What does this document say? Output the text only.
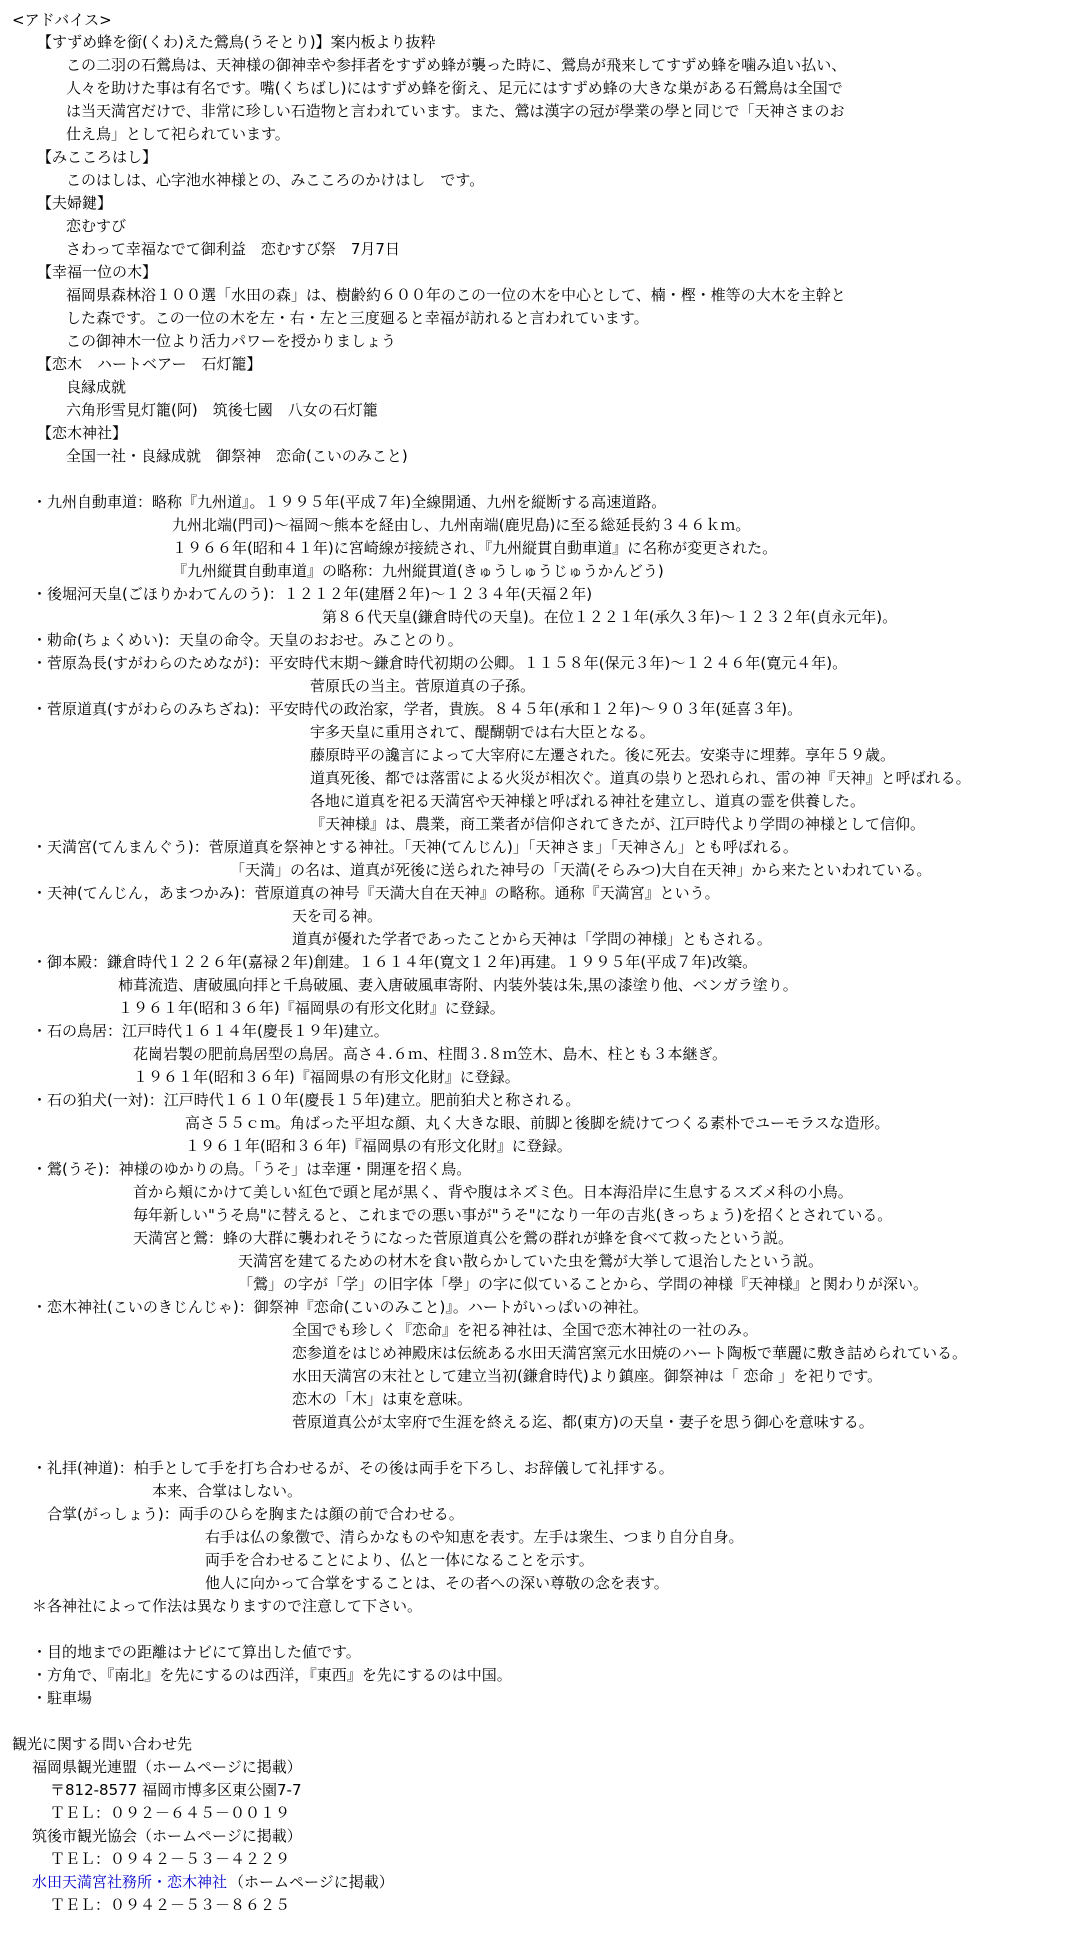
<アドバイス>
【すずめ蜂を銜(くわ)えた鶯鳥(うそとり)】案内板より抜粋
この二羽の石鶯鳥は、天神様の御神幸や参拝者をすずめ蜂が襲った時に、鶯鳥が飛来してすずめ蜂を噛み追い払い、
人々を助けた事は有名です。嘴(くちばし)にはすずめ蜂を銜え、足元にはすずめ蜂の大きな巣がある石鶯鳥は全国で
は当天満宮だけで、非常に珍しい石造物と言われています。また、鶯は漢字の冠が學業の學と同じで「天神さまのお
仕え鳥」として祀られています。
【みこころはし】
このはしは、心字池水神様との、みこころのかけはし　です。
【夫婦鍵】
恋むすび
さわって幸福なでて御利益　恋むすび祭　7月7日
【幸福一位の木】
福岡県森林浴１００選「水田の森」は、樹齢約６００年のこの一位の木を中心として、楠・樫・椎等の大木を主幹と
した森です。この一位の木を左・右・左と三度廻ると幸福が訪れると言われています。
この御神木一位より活力パワーを授かりましょう
【恋木　ハートベアー　石灯籠】
良縁成就
六角形雪見灯籠(阿)　筑後七國　八女の石灯籠
【恋木神社】
全国一社・良縁成就　御祭神　恋命(こいのみこと)
・九州自動車道：略称『九州道』。１９９５年(平成７年)全線開通、九州を縦断する高速道路。
九州北端(門司)～福岡～熊本を経由し、九州南端(鹿児島)に至る総延長約３４６ｋｍ。
１９６６年(昭和４１年)に宮崎線が接続され、『九州縦貫自動車道』に名称が変更された。
『九州縦貫自動車道』の略称：九州縦貫道(きゅうしゅうじゅうかんどう)
・後堀河天皇(ごほりかわてんのう)：１２１２年(建暦２年)～１２３４年(天福２年)
第８６代天皇(鎌倉時代の天皇)。在位１２２１年(承久３年)～１２３２年(貞永元年)。
・勅命(ちょくめい)：天皇の命令。天皇のおおせ。みことのり。
・菅原為長(すがわらのためなが)：平安時代末期～鎌倉時代初期の公卿。１１５８年(保元３年)～１２４６年(寛元４年)。
菅原氏の当主。菅原道真の子孫。
・菅原道真(すがわらのみちざね)：平安時代の政治家，学者，貴族。８４５年(承和１２年)～９０３年(延喜３年)。
宇多天皇に重用されて、醍醐朝では右大臣となる。
藤原時平の讒言によって大宰府に左遷された。後に死去。安楽寺に埋葬。享年５９歳。
道真死後、都では落雷による火災が相次ぐ。道真の祟りと恐れられ、雷の神『天神』と呼ばれる。
各地に道真を祀る天満宮や天神様と呼ばれる神社を建立し、道真の霊を供養した。
『天神様』は、農業，商工業者が信仰されてきたが、江戸時代より学問の神様として信仰。
・天満宮(てんまんぐう)：菅原道真を祭神とする神社。「天神(てんじん)」「天神さま」「天神さん」とも呼ばれる。
「天満」の名は、道真が死後に送られた神号の「天満(そらみつ)大自在天神」から来たといわれている。
・天神(てんじん，あまつかみ)：菅原道真の神号『天満大自在天神』の略称。通称『天満宮』という。
天を司る神。
道真が優れた学者であったことから天神は「学問の神様」ともされる。
・御本殿：鎌倉時代１２２６年(嘉禄２年)創建。１６１４年(寛文１２年)再建。１９９５年(平成７年)改築。
柿葺流造、唐破風向拝と千鳥破風、妻入唐破風車寄附、内装外装は朱,黒の漆塗り他、ベンガラ塗り。
１９６１年(昭和３６年)『福岡県の有形文化財』に登録。
・石の鳥居：江戸時代１６１４年(慶長１９年)建立。
花崗岩製の肥前鳥居型の鳥居。高さ４.６ｍ、柱間３.８ｍ笠木、島木、柱とも３本継ぎ。
１９６１年(昭和３６年)『福岡県の有形文化財』に登録。
・石の狛犬(一対)：江戸時代１６１０年(慶長１５年)建立。肥前狛犬と称される。
高さ５５ｃｍ。角ばった平坦な顔、丸く大きな眼、前脚と後脚を続けてつくる素朴でユーモラスな造形。
１９６１年(昭和３６年)『福岡県の有形文化財』に登録。
・鶯(うそ)：神様のゆかりの鳥。「うそ」は幸運・開運を招く鳥。
首から頬にかけて美しい紅色で頭と尾が黒く、背や腹はネズミ色。日本海沿岸に生息するスズメ科の小鳥。
毎年新しい"うそ鳥"に替えると、これまでの悪い事が"うそ"になり一年の吉兆(きっちょう)を招くとされている。
天満宮と鶯：蜂の大群に襲われそうになった菅原道真公を鶯の群れが蜂を食べて救ったという説。
天満宮を建てるための材木を食い散らかしていた虫を鶯が大挙して退治したという説。
「鶯」の字が「学」の旧字体「學」の字に似ていることから、学問の神様『天神様』と関わりが深い。
・恋木神社(こいのきじんじゃ)：御祭神『恋命(こいのみこと)』。ハートがいっぱいの神社。
全国でも珍しく『恋命』を祀る神社は、全国で恋木神社の一社のみ。
恋参道をはじめ神殿床は伝統ある水田天満宮窯元水田焼のハート陶板で華麗に敷き詰められている。
水田天満宮の末社として建立当初(鎌倉時代)より鎮座。御祭神は「 恋命 」を祀りです。
恋木の「木」は東を意味。
菅原道真公が太宰府で生涯を終える迄、都(東方)の天皇・妻子を思う御心を意味する。
・礼拝(神道)：柏手として手を打ち合わせるが、その後は両手を下ろし、お辞儀して礼拝する。
本来、合掌はしない。
合掌(がっしょう)：両手のひらを胸または顔の前で合わせる。
右手は仏の象徴で、清らかなものや知恵を表す。左手は衆生、つまり自分自身。
両手を合わせることにより、仏と一体になることを示す。
他人に向かって合掌をすることは、その者への深い尊敬の念を表す。
＊各神社によって作法は異なりますので注意して下さい。
・目的地までの距離はナビにて算出した値です。
・方角で、『南北』を先にするのは西洋，『東西』を先にするのは中国。
・駐車場
観光に関する問い合わせ先
福岡県観光連盟（ホームページに掲載）
〒812-8577 福岡市博多区東公園7-7
ＴＥＬ：０９２－６４５－００１９
筑後市観光協会（ホームページに掲載）
ＴＥＬ：０９４２－５３－４２２９
水田天満宮社務所・恋木神社 （ホームページに掲載）
ＴＥＬ：０９４２－５３－８６２５
